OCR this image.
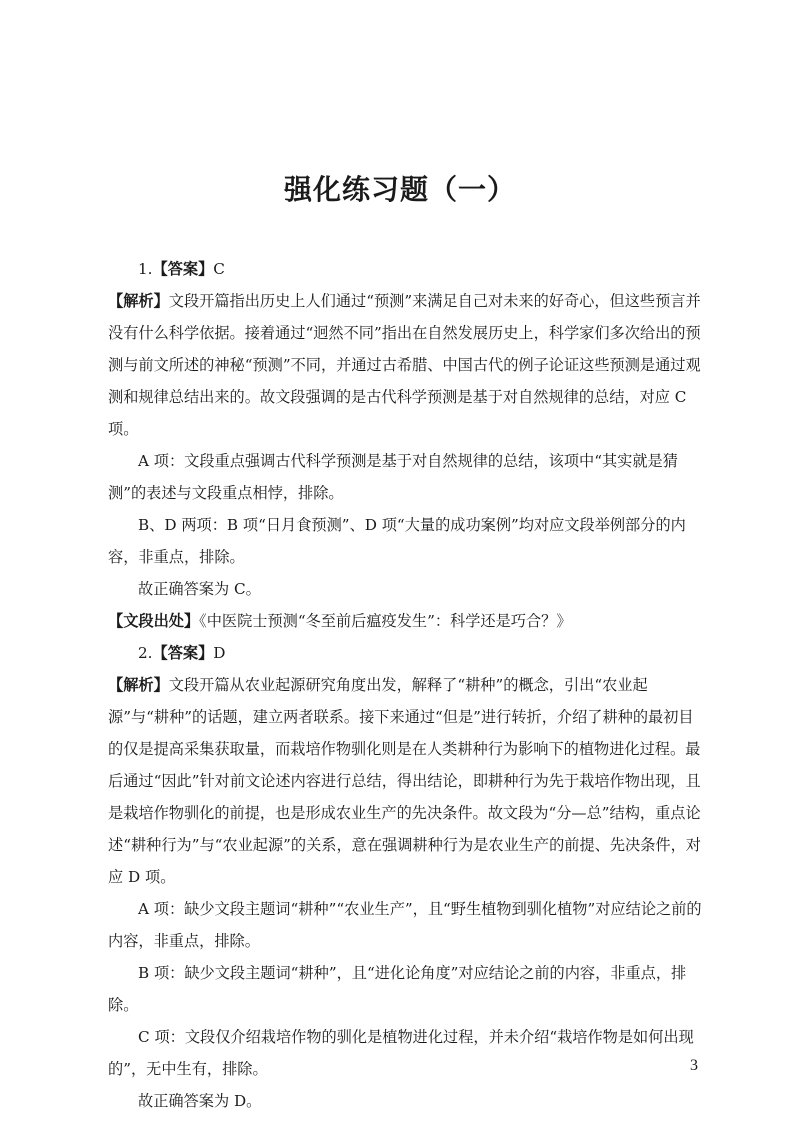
强化练习题（一）

1.【答案】C

【解析】文段开篇指出历史上人们通过“预测”来满足自己对未来的好奇心，但这些预言并没有什么科学依据。接着通过“迥然不同”指出在自然发展历史上，科学家们多次给出的预测与前文所述的神秘“预测”不同，并通过古希腊、中国古代的例子论证这些预测是通过观测和规律总结出来的。故文段强调的是古代科学预测是基于对自然规律的总结，对应 C 项。

A 项：文段重点强调古代科学预测是基于对自然规律的总结，该项中“其实就是猜测”的表述与文段重点相悖，排除。

B、D 两项：B 项“日月食预测”、D 项“大量的成功案例”均对应文段举例部分的内容，非重点，排除。

故正确答案为 C。

【文段出处】《中医院士预测“冬至前后瘟疫发生”：科学还是巧合？》

2.【答案】D

【解析】文段开篇从农业起源研究角度出发，解释了“耕种”的概念，引出“农业起源”与“耕种”的话题，建立两者联系。接下来通过“但是”进行转折，介绍了耕种的最初目的仅是提高采集获取量，而栽培作物驯化则是在人类耕种行为影响下的植物进化过程。最后通过“因此”针对前文论述内容进行总结，得出结论，即耕种行为先于栽培作物出现，且是栽培作物驯化的前提，也是形成农业生产的先决条件。故文段为“分—总”结构，重点论述“耕种行为”与“农业起源”的关系，意在强调耕种行为是农业生产的前提、先决条件，对应 D 项。

A 项：缺少文段主题词“耕种”“农业生产”，且“野生植物到驯化植物”对应结论之前的内容，非重点，排除。

B 项：缺少文段主题词“耕种”，且“进化论角度”对应结论之前的内容，非重点，排除。

C 项：文段仅介绍栽培作物的驯化是植物进化过程，并未介绍“栽培作物是如何出现的”，无中生有，排除。

故正确答案为 D。

3
